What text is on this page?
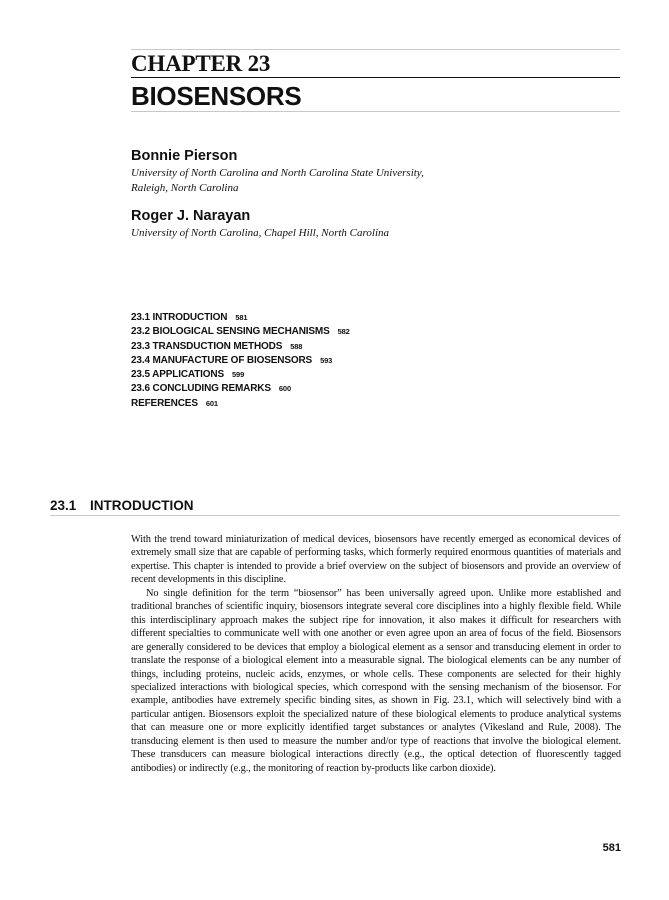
CHAPTER 23
BIOSENSORS
Bonnie Pierson
University of North Carolina and North Carolina State University,
Raleigh, North Carolina
Roger J. Narayan
University of North Carolina, Chapel Hill, North Carolina
23.1 INTRODUCTION 581
23.2 BIOLOGICAL SENSING MECHANISMS 582
23.3 TRANSDUCTION METHODS 588
23.4 MANUFACTURE OF BIOSENSORS 593
23.5 APPLICATIONS 599
23.6 CONCLUDING REMARKS 600
REFERENCES 601
23.1 INTRODUCTION

With the trend toward miniaturization of medical devices, biosensors have recently emerged as economical devices of extremely small size that are capable of performing tasks, which formerly required enormous quantities of materials and expertise. This chapter is intended to provide a brief overview on the subject of biosensors and provide an overview of recent developments in this discipline.

No single definition for the term “biosensor” has been universally agreed upon. Unlike more established and traditional branches of scientific inquiry, biosensors integrate several core disciplines into a highly flexible field. While this interdisciplinary approach makes the subject ripe for innovation, it also makes it difficult for researchers with different specialties to communicate well with one another or even agree upon an area of focus of the field. Biosensors are generally considered to be devices that employ a biological element as a sensor and transducing element in order to translate the response of a biological element into a measurable signal. The biological elements can be any number of things, including proteins, nucleic acids, enzymes, or whole cells. These components are selected for their highly specialized interactions with biological species, which correspond with the sensing mechanism of the biosensor. For example, antibodies have extremely specific binding sites, as shown in Fig. 23.1, which will selectively bind with a particular antigen. Biosensors exploit the specialized nature of these biological elements to produce analytical systems that can measure one or more explicitly identified target substances or analytes (Vikesland and Rule, 2008). The transducing element is then used to measure the number and/or type of reactions that involve the biological element. These transducers can measure biological interactions directly (e.g., the optical detection of fluorescently tagged antibodies) or indirectly (e.g., the monitoring of reaction by-products like carbon dioxide).

581
